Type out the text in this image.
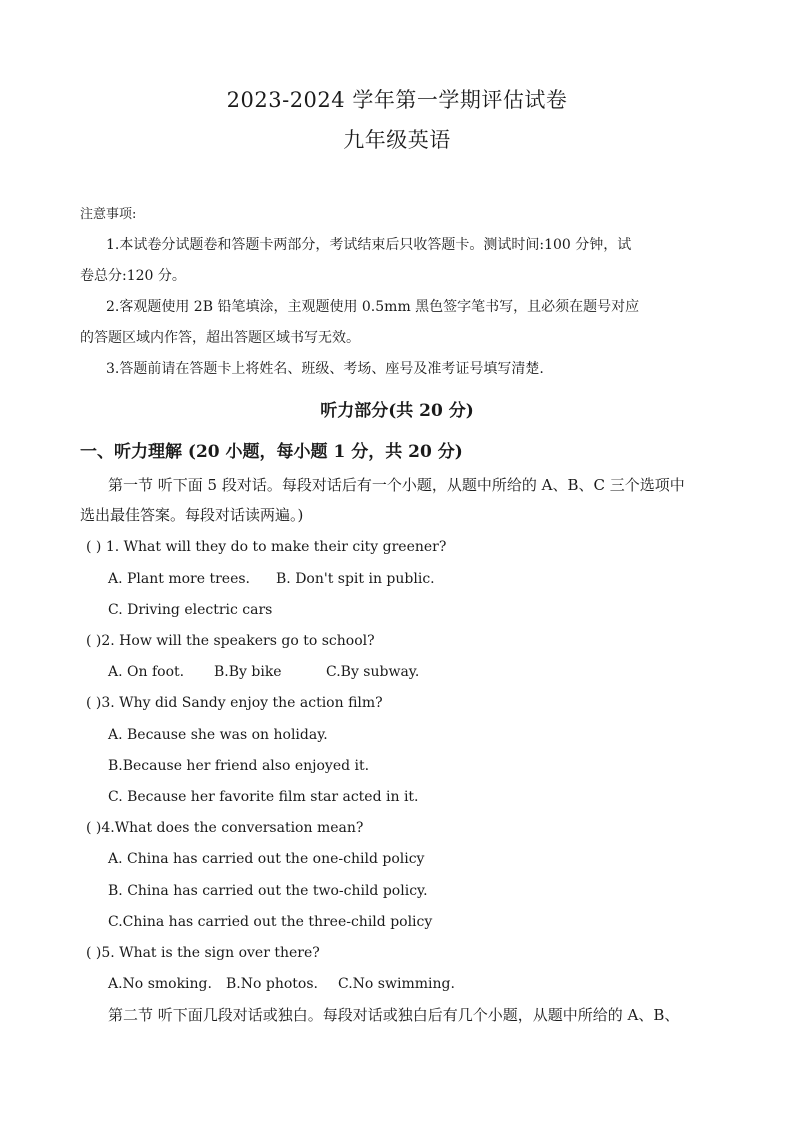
2023-2024 学年第一学期评估试卷
九年级英语
注意事项:
1.本试卷分试题卷和答题卡两部分，考试结束后只收答题卡。测试时间:100 分钟，试
卷总分:120 分。
2.客观题使用 2B 铅笔填涂，主观题使用 0.5mm 黑色签字笔书写，且必须在题号对应
的答题区域内作答，超出答题区域书写无效。
3.答题前请在答题卡上将姓名、班级、考场、座号及准考证号填写清楚.
听力部分(共 20 分)
一、听力理解 (20 小题，每小题 1 分，共 20 分)
第一节 听下面 5 段对话。每段对话后有一个小题，从题中所给的 A、B、C 三个选项中
选出最佳答案。每段对话读两遍。)
( ) 1. What will they do to make their city greener?
A. Plant more trees. B. Don't spit in public.
C. Driving electric cars
( )2. How will the speakers go to school?
A. On foot. B.By bike	C.By subway.
( )3. Why did Sandy enjoy the action film?
A. Because she was on holiday.
B.Because her friend also enjoyed it.
C. Because her favorite film star acted in it.
( )4.What does the conversation mean?
A. China has carried out the one-child policy
B. China has carried out the two-child policy.
C.China has carried out the three-child policy
( )5. What is the sign over there?
A.No smoking. B.No photos. C.No swimming.
第二节 听下面几段对话或独白。每段对话或独白后有几个小题，从题中所给的 A、B、
